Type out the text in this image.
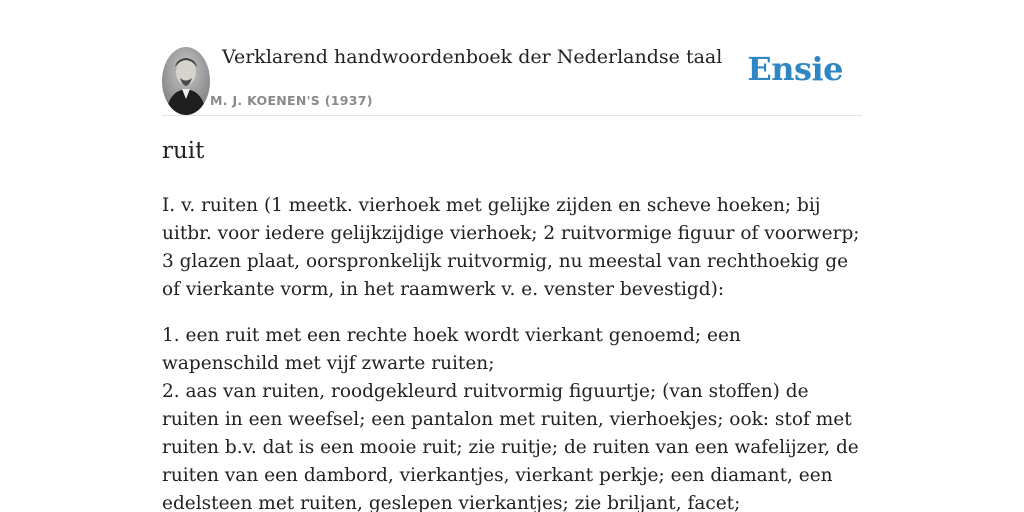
Verklarend handwoordenboek der Nederlandse taal
M. J. KOENEN'S (1937)
Ensie
ruit

I. v. ruiten (1 meetk. vierhoek met gelijke zijden en scheve hoeken; bij uitbr. voor iedere gelijkzijdige vierhoek; 2 ruitvormige figuur of voorwerp; 3 glazen plaat, oorspronkelijk ruitvormig, nu meestal van rechthoekig ge of vierkante vorm, in het raamwerk v. e. venster bevestigd):

1. een ruit met een rechte hoek wordt vierkant genoemd; een wapenschild met vijf zwarte ruiten;
2. aas van ruiten, roodgekleurd ruitvormig figuurtje; (van stoffen) de ruiten in een weefsel; een pantalon met ruiten, vierhoekjes; ook: stof met ruiten b.v. dat is een mooie ruit; zie ruitje; de ruiten van een wafelijzer, de ruiten van een dambord, vierkantjes, vierkant perkje; een diamant, een edelsteen met ruiten, geslepen vierkantjes; zie briljant, facet;
